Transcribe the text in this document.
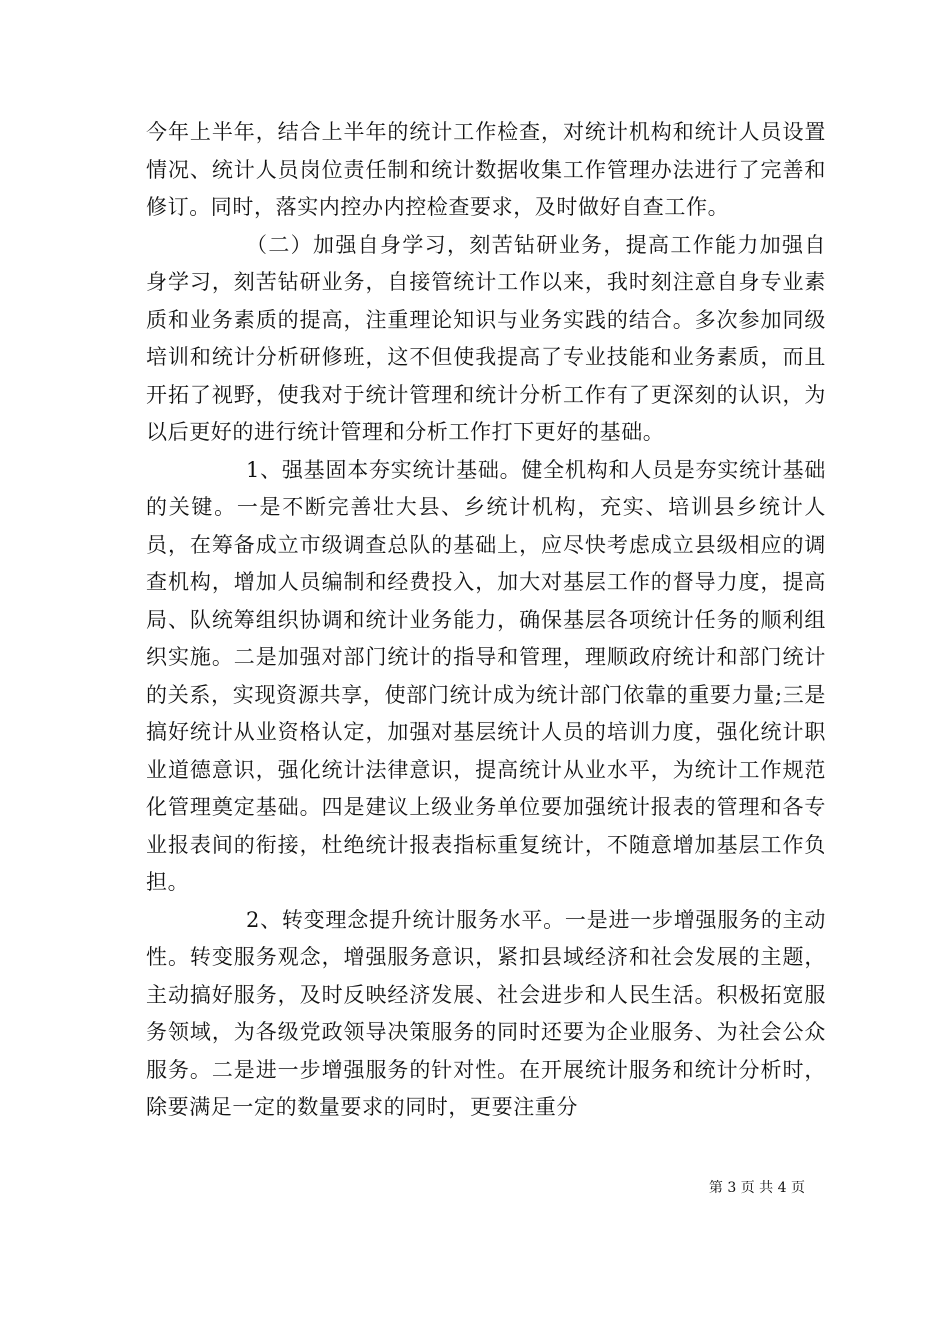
今年上半年，结合上半年的统计工作检查，对统计机构和统计人员设置情况、统计人员岗位责任制和统计数据收集工作管理办法进行了完善和修订。同时，落实内控办内控检查要求，及时做好自查工作。

（二）加强自身学习，刻苦钻研业务，提高工作能力加强自身学习，刻苦钻研业务，自接管统计工作以来，我时刻注意自身专业素质和业务素质的提高，注重理论知识与业务实践的结合。多次参加同级培训和统计分析研修班，这不但使我提高了专业技能和业务素质，而且开拓了视野，使我对于统计管理和统计分析工作有了更深刻的认识，为以后更好的进行统计管理和分析工作打下更好的基础。

1、强基固本夯实统计基础。健全机构和人员是夯实统计基础的关键。一是不断完善壮大县、乡统计机构，充实、培训县乡统计人员，在筹备成立市级调查总队的基础上，应尽快考虑成立县级相应的调查机构，增加人员编制和经费投入，加大对基层工作的督导力度，提高局、队统筹组织协调和统计业务能力，确保基层各项统计任务的顺利组织实施。二是加强对部门统计的指导和管理，理顺政府统计和部门统计的关系，实现资源共享，使部门统计成为统计部门依靠的重要力量;三是搞好统计从业资格认定，加强对基层统计人员的培训力度，强化统计职业道德意识，强化统计法律意识，提高统计从业水平，为统计工作规范化管理奠定基础。四是建议上级业务单位要加强统计报表的管理和各专业报表间的衔接，杜绝统计报表指标重复统计，不随意增加基层工作负担。

2、转变理念提升统计服务水平。一是进一步增强服务的主动性。转变服务观念，增强服务意识，紧扣县域经济和社会发展的主题，主动搞好服务，及时反映经济发展、社会进步和人民生活。积极拓宽服务领域，为各级党政领导决策服务的同时还要为企业服务、为社会公众服务。二是进一步增强服务的针对性。在开展统计服务和统计分析时，除要满足一定的数量要求的同时，更要注重分

第 3 页 共 4 页
